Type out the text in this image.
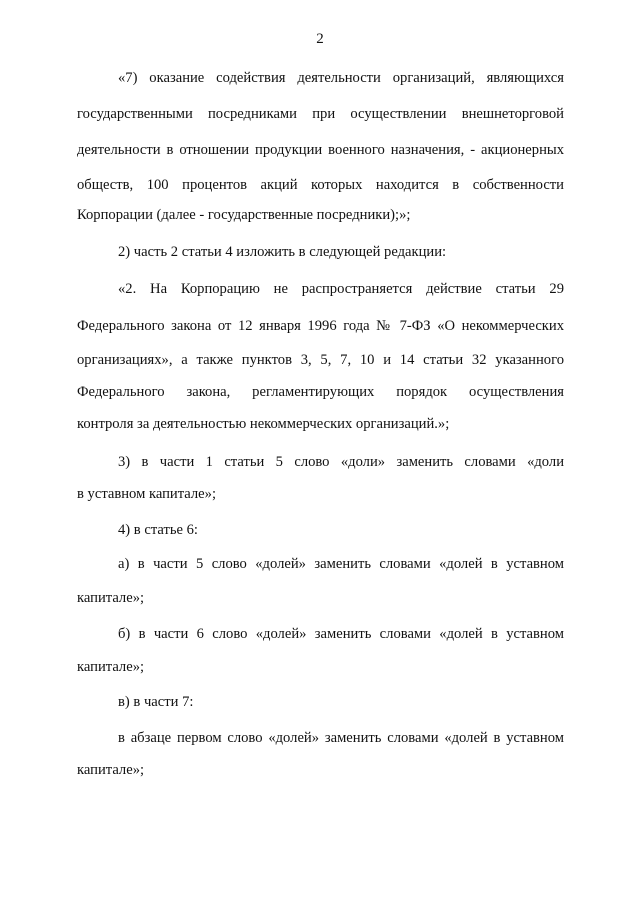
2
«7) оказание содействия деятельности организаций, являющихся
государственными посредниками при осуществлении внешнеторговой
деятельности в отношении продукции военного назначения, - акционерных
обществ, 100 процентов акций которых находится в собственности
Корпорации (далее - государственные посредники);»;
2) часть 2 статьи 4 изложить в следующей редакции:
«2. На Корпорацию не распространяется действие статьи 29
Федерального закона от 12 января 1996 года № 7-ФЗ «О некоммерческих
организациях», а также пунктов 3, 5, 7, 10 и 14 статьи 32 указанного
Федерального закона, регламентирующих порядок осуществления
контроля за деятельностью некоммерческих организаций.»;
3) в части 1 статьи 5 слово «доли» заменить словами «доли
в уставном капитале»;
4) в статье 6:
а) в части 5 слово «долей» заменить словами «долей в уставном
капитале»;
б) в части 6 слово «долей» заменить словами «долей в уставном
капитале»;
в) в части 7:
в абзаце первом слово «долей» заменить словами «долей в уставном
капитале»;
